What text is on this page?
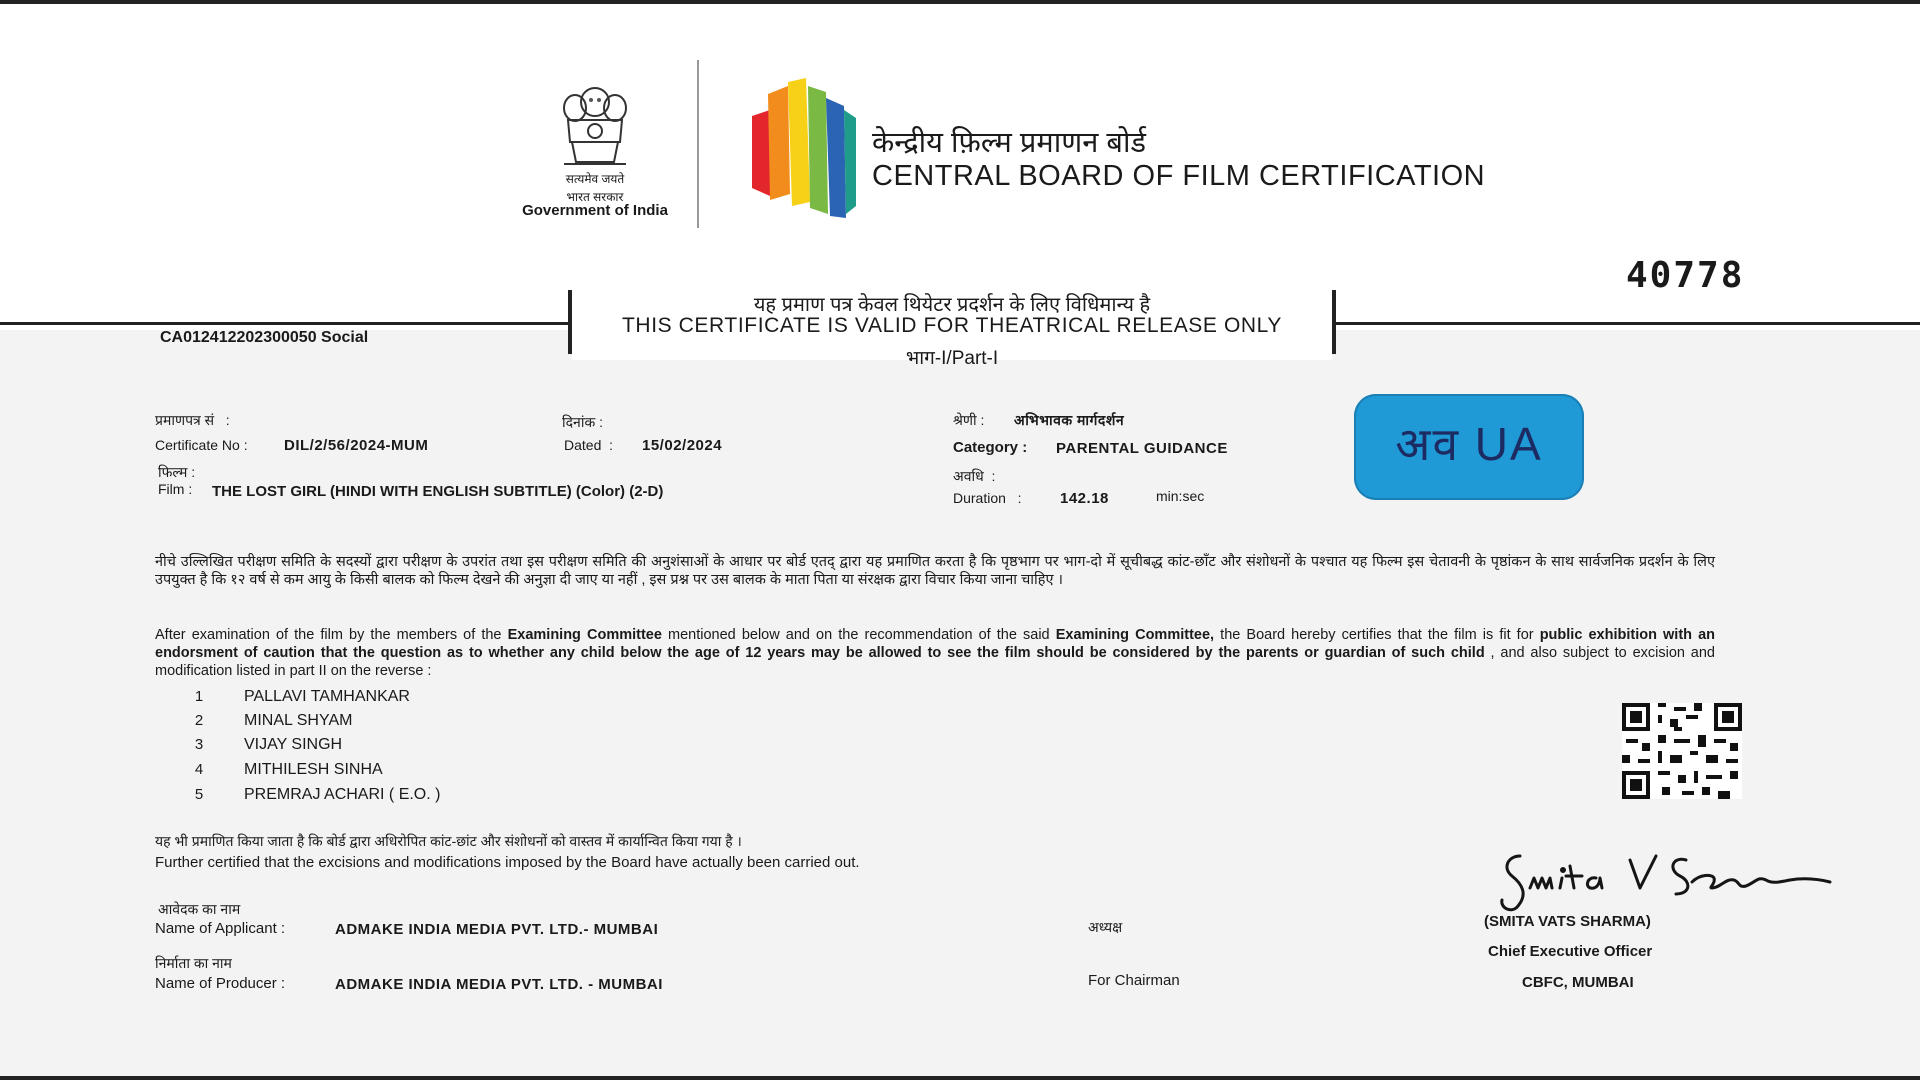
सत्यमेव जयते
भारत सरकार
Government of India
केन्द्रीय फ़िल्म प्रमाणन बोर्ड
CENTRAL BOARD OF FILM CERTIFICATION
40778
यह प्रमाण पत्र केवल थियेटर प्रदर्शन के लिए विधिमान्य है
THIS CERTIFICATE IS VALID FOR THEATRICAL RELEASE ONLY
भाग-I/Part-I
CA012412202300050 Social
प्रमाणपत्र सं   :
Certificate No : DIL/2/56/2024-MUM
दिनांक :
Dated  : 15/02/2024
श्रेणी : अभिभावक मार्गदर्शन
Category : PARENTAL GUIDANCE
फिल्म :
Film : THE LOST GIRL (HINDI WITH ENGLISH SUBTITLE) (Color) (2-D)
अवधि  :
Duration   :	142.18	min:sec
अव UA
नीचे उल्लिखित परीक्षण समिति के सदस्यों द्वारा परीक्षण के उपरांत तथा इस परीक्षण समिति की अनुशंसाओं के आधार पर बोर्ड एतद् द्वारा यह प्रमाणित करता है कि पृष्ठभाग पर भाग-दो में सूचीबद्ध कांट-छाँट और संशोधनों के पश्चात यह फिल्म इस चेतावनी के पृष्ठांकन के साथ सार्वजनिक प्रदर्शन के लिए उपयुक्त है कि १२ वर्ष से कम आयु के किसी बालक को फिल्म देखने की अनुज्ञा दी जाए या नहीं , इस प्रश्न पर उस बालक के माता पिता या संरक्षक द्वारा विचार किया जाना चाहिए ।
After examination of the film by the members of the Examining Committee mentioned below and on the recommendation of the said Examining Committee, the Board hereby certifies that the film is fit for public exhibition with an endorsment of caution that the question as to whether any child below the age of 12 years may be allowed to see the film should be considered by the parents or guardian of such child , and also subject to excision and modification listed in part II on the reverse :
1	PALLAVI TAMHANKAR
2	MINAL SHYAM
3	VIJAY SINGH
4	MITHILESH SINHA
5	PREMRAJ ACHARI ( E.O. )
यह भी प्रमाणित किया जाता है कि बोर्ड द्वारा अधिरोपित कांट-छांट और संशोधनों को वास्तव में कार्यान्वित किया गया है ।
Further certified that the excisions and modifications imposed by the Board have actually been carried out.
आवेदक का नाम
Name of Applicant :	ADMAKE INDIA MEDIA PVT. LTD.- MUMBAI
निर्माता का नाम
Name of Producer :	ADMAKE INDIA MEDIA PVT. LTD. - MUMBAI
अध्यक्ष
For Chairman
(SMITA VATS SHARMA)
Chief Executive Officer
CBFC, MUMBAI
